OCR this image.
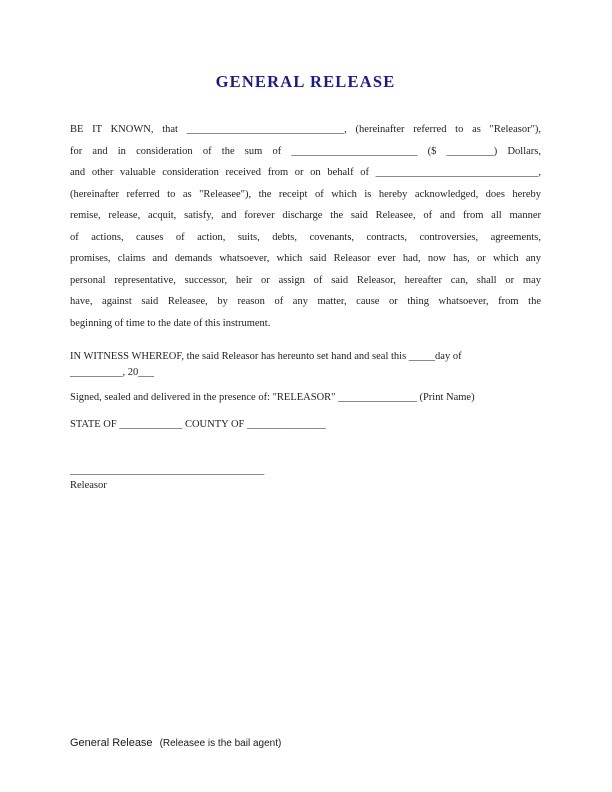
GENERAL RELEASE
BE IT KNOWN, that ______________________________, (hereinafter referred to as "Releasor"),
for and in consideration of the sum of ________________________ ($ _________) Dollars,
and other valuable consideration received from or on behalf of _______________________________,
(hereinafter referred to as "Releasee"), the receipt of which is hereby acknowledged, does hereby
remise, release, acquit, satisfy, and forever discharge the said Releasee, of and from all manner
of actions, causes of action, suits, debts, covenants, contracts, controversies, agreements,
promises, claims and demands whatsoever, which said Releasor ever had, now has, or which any
personal representative, successor, heir or assign of said Releasor, hereafter can, shall or may
have, against said Releasee, by reason of any matter, cause or thing whatsoever, from the
beginning of time to the date of this instrument.
IN WITNESS WHEREOF, the said Releasor has hereunto set hand and seal this _____day of
__________, 20___
Signed, sealed and delivered in the presence of: "RELEASOR" _______________ (Print Name)
STATE OF ____________ COUNTY OF _______________
_____________________________________
Releasor
General Release (Releasee is the bail agent)
